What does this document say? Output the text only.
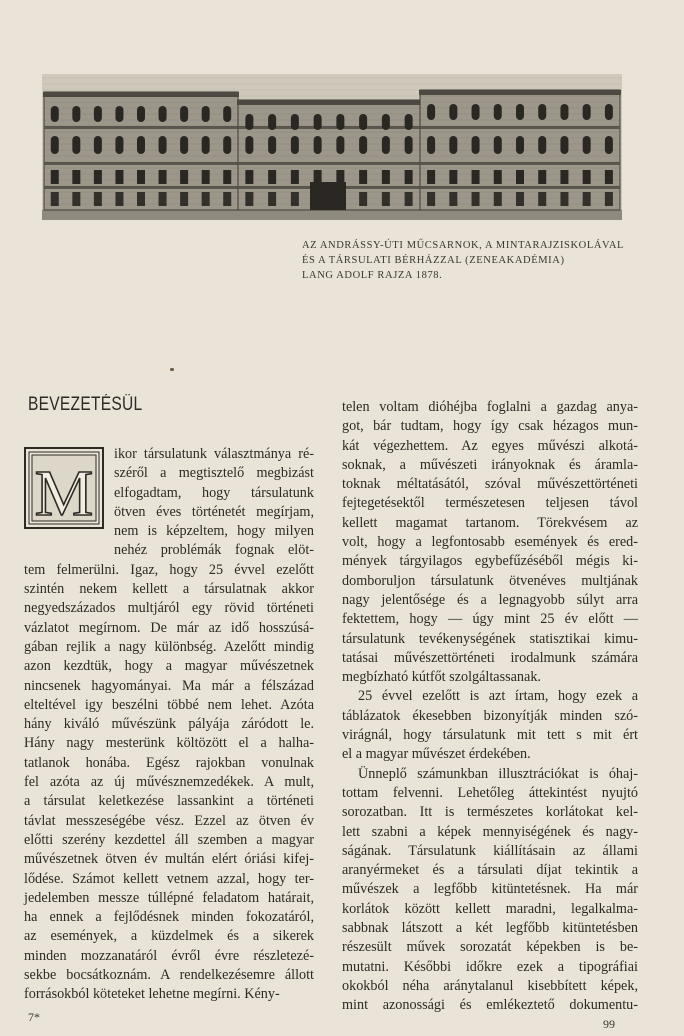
AZ ANDRÁSSY-ÚTI MŰCSARNOK, A MINTARAJZISKOLÁVAL
ÉS A TÁRSULATI BÉRHÁZZAL (ZENEAKADÉMIA)
LANG ADOLF RAJZA 1878.
BEVEZETÉSÜL
M
ikor társulatunk választmánya ré-
széről a megtisztelő megbizást
elfogadtam, hogy társulatunk
ötven éves történetét megírjam,
nem is képzeltem, hogy milyen
nehéz problémák fognak elöt-
tem felmerülni. Igaz, hogy 25 évvel ezelőtt
szintén nekem kellett a társulatnak akkor
negyedszázados multjáról egy rövid történeti
vázlatot megírnom. De már az idő hosszúsá-
gában rejlik a nagy különbség. Azelőtt mindig
azon kezdtük, hogy a magyar művészetnek
nincsenek hagyományai. Ma már a félszázad
elteltével igy beszélni többé nem lehet. Azóta
hány kiváló művészünk pályája záródott le.
Hány nagy mesterünk költözött el a halha-
tatlanok honába. Egész rajokban vonulnak
fel azóta az új művésznemzedékek. A mult,
a társulat keletkezése lassankint a történeti
távlat messzeségébe vész. Ezzel az ötven év
előtti szerény kezdettel áll szemben a magyar
művészetnek ötven év multán elért óriási kifej-
lődése. Számot kellett vetnem azzal, hogy ter-
jedelemben messze túllépné feladatom határait,
ha ennek a fejlődésnek minden fokozatáról,
az események, a küzdelmek és a sikerek
minden mozzanatáról évről évre részletezé-
sekbe bocsátkoznám. A rendelkezésemre állott
forrásokból köteteket lehetne megírni. Kény-
telen voltam dióhéjba foglalni a gazdag anya-
got, bár tudtam, hogy így csak hézagos mun-
kát végezhettem. Az egyes művészi alkotá-
soknak, a művészeti irányoknak és áramla-
toknak méltatásától, szóval művészettörténeti
fejtegetésektől természetesen teljesen távol
kellett magamat tartanom. Törekvésem az
volt, hogy a legfontosabb események és ered-
mények tárgyilagos egybefűzéséből mégis ki-
domboruljon társulatunk ötvenéves multjának
nagy jelentősége és a legnagyobb súlyt arra
fektettem, hogy — úgy mint 25 év előtt —
társulatunk tevékenységének statisztikai kimu-
tatásai művészettörténeti irodalmunk számára
megbízható kútfőt szolgáltassanak.
25 évvel ezelőtt is azt írtam, hogy ezek a
táblázatok ékesebben bizonyítják minden szó-
virágnál, hogy társulatunk mit tett s mit ért
el a magyar művészet érdekében.
Ünneplő számunkban illusztrációkat is óhaj-
tottam felvenni. Lehetőleg áttekintést nyujtó
sorozatban. Itt is természetes korlátokat kel-
lett szabni a képek mennyiségének és nagy-
ságának. Társulatunk kiállításain az állami
aranyérmeket és a társulati díjat tekintik a
művészek a legfőbb kitüntetésnek. Ha már
korlátok között kellett maradni, legalkalma-
sabbnak látszott a két legfőbb kitüntetésben
részesült művek sorozatát képekben is be-
mutatni. Későbbi időkre ezek a tipográfiai
okokból néha aránytalanul kisebbített képek,
mint azonossági és emlékeztető dokumentu-
7*	99
